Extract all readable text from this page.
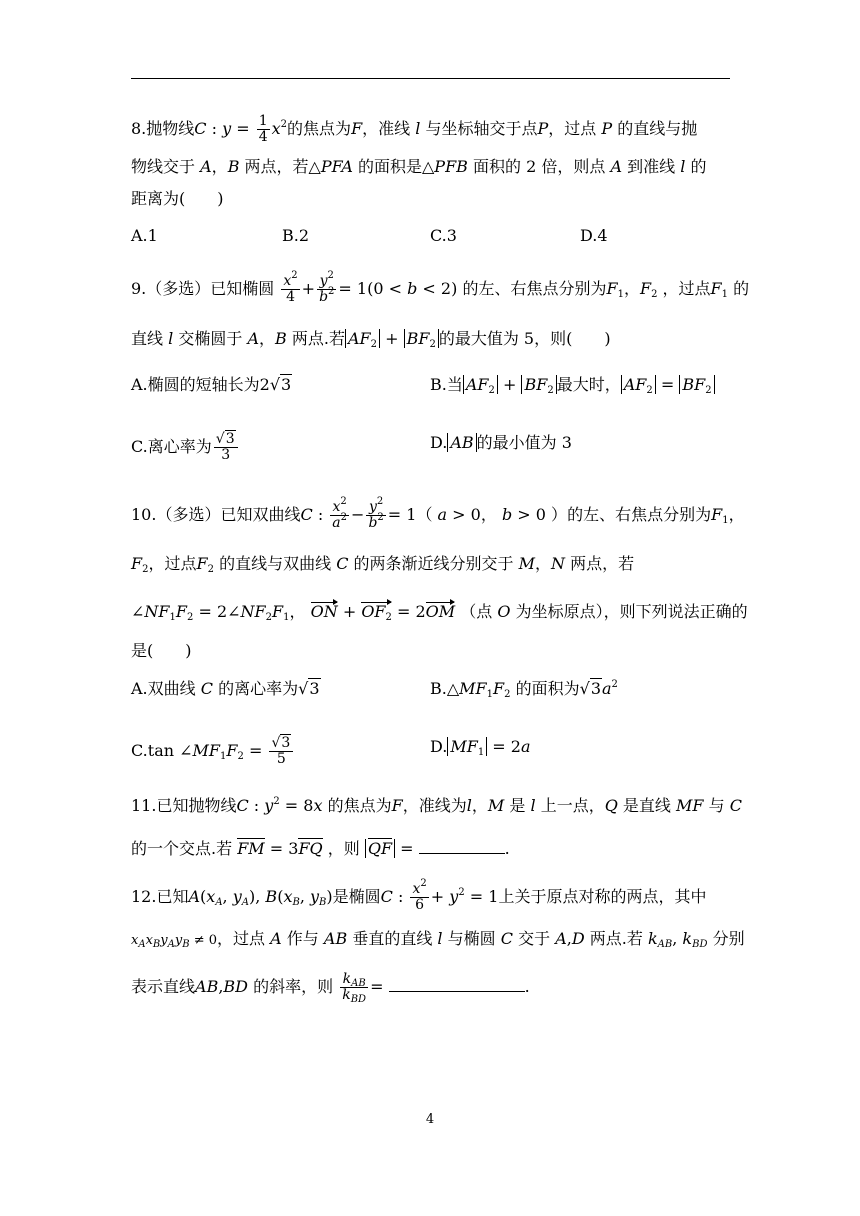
8.抛物线C : $y = \frac{1}{4} x^2$的焦点为F，准线 l 与坐标轴交于点P，过点 P 的直线与抛
物线交于 A，B 两点，若△PFA 的面积是△PFB 面积的 2 倍，则点 A 到准线 l 的
距离为(　　)
A.1	B.2	C.3	D.4
9.（多选）已知椭圆 $\frac{x^2}{4} + \frac{y^2}{b^2} = 1(0 < b < 2)$ 的左、右焦点分别为$F_1$，$F_2$ ，过点$F_1$ 的
直线 l 交椭圆于 A，B 两点.若 $AF_2 + BF_2$ 的最大值为 5，则(　　)
A.椭圆的短轴长为2√3	B.当 $AF_2 + BF_2$ 最大时， $AF_2 = BF_2$
C.离心率为 $\frac{√3}{3}$	D. AB 的最小值为 3
10.（多选）已知双曲线C : $\frac{x^2}{a^2} - \frac{y^2}{b^2} = 1$（ a > 0， b > 0 ）的左、右焦点分别为$F_1$，
$F_2$，过点$F_2$ 的直线与双曲线 C 的两条渐近线分别交于 M，N 两点，若
$\angle NF_1F_2$ = $2\angle NF_2F_1$， ON + $OF_2 = 2OM$ （点 O 为坐标原点），则下列说法正确的
是(　　)
A.双曲线 C 的离心率为√3	$B.\triangle MF_1F_2$ 的面积为$√3a^2$
C.tan $\angle MF_1F_2 = \frac{√3}{5}$	D. $MF_1 = 2a$
11.已知抛物线C : $y^2 = 8x$ 的焦点为F，准线为l，M 是 l 上一点，Q 是直线 MF 与 C
的一个交点.若 FM = 3FQ ，则 QF =	.
12.已知$A(x_A$, $y_A$), $B(x_B$, $y_B$)是椭圆C : $\frac{x^2}{6} + y^2 = 1$上关于原点对称的两点，其中
$x_Ax_By_Ay_B \ne 0$，过点 A 作与 AB 垂直的直线 l 与椭圆 C 交于 A,D 两点.若 $k_{AB}$, $k_{BD}$ 分别
表示直线AB,BD 的斜率，则 $\frac{k_{AB}}{k_{BD}}$ =	.
4
